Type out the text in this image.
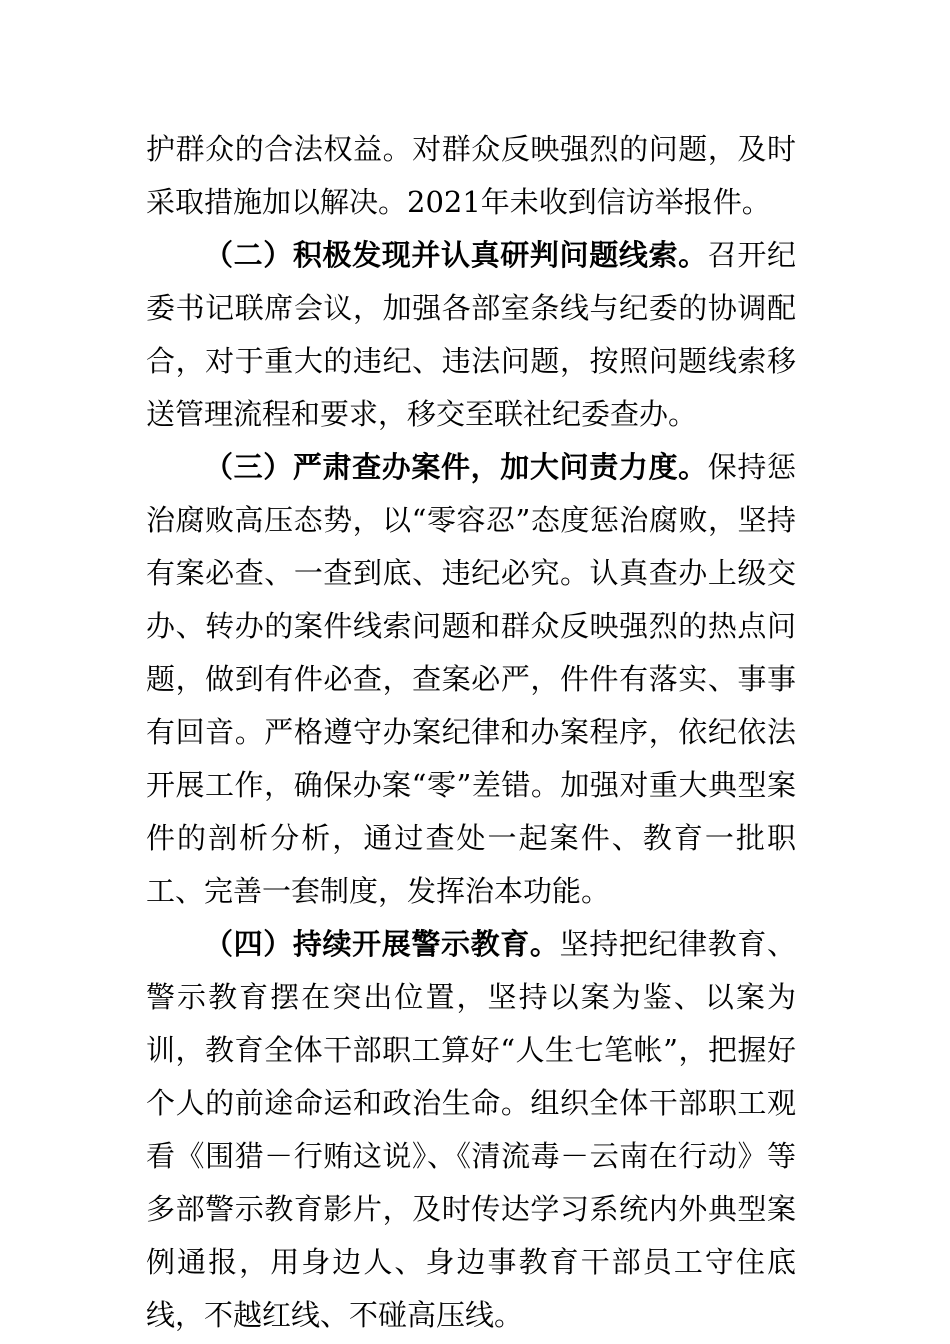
护群众的合法权益。对群众反映强烈的问题，及时采取措施加以解决。2021年未收到信访举报件。

（二）积极发现并认真研判问题线索。召开纪委书记联席会议，加强各部室条线与纪委的协调配合，对于重大的违纪、违法问题，按照问题线索移送管理流程和要求，移交至联社纪委查办。

（三）严肃查办案件，加大问责力度。保持惩治腐败高压态势，以“零容忍”态度惩治腐败，坚持有案必查、一查到底、违纪必究。认真查办上级交办、转办的案件线索问题和群众反映强烈的热点问题，做到有件必查，查案必严，件件有落实、事事有回音。严格遵守办案纪律和办案程序，依纪依法开展工作，确保办案“零”差错。加强对重大典型案件的剖析分析，通过查处一起案件、教育一批职工、完善一套制度，发挥治本功能。

（四）持续开展警示教育。坚持把纪律教育、警示教育摆在突出位置，坚持以案为鉴、以案为训，教育全体干部职工算好“人生七笔帐”，把握好个人的前途命运和政治生命。组织全体干部职工观看《围猎－行贿这说》、《清流毒－云南在行动》等多部警示教育影片，及时传达学习系统内外典型案例通报，用身边人、身边事教育干部员工守住底线，不越红线、不碰高压线。
